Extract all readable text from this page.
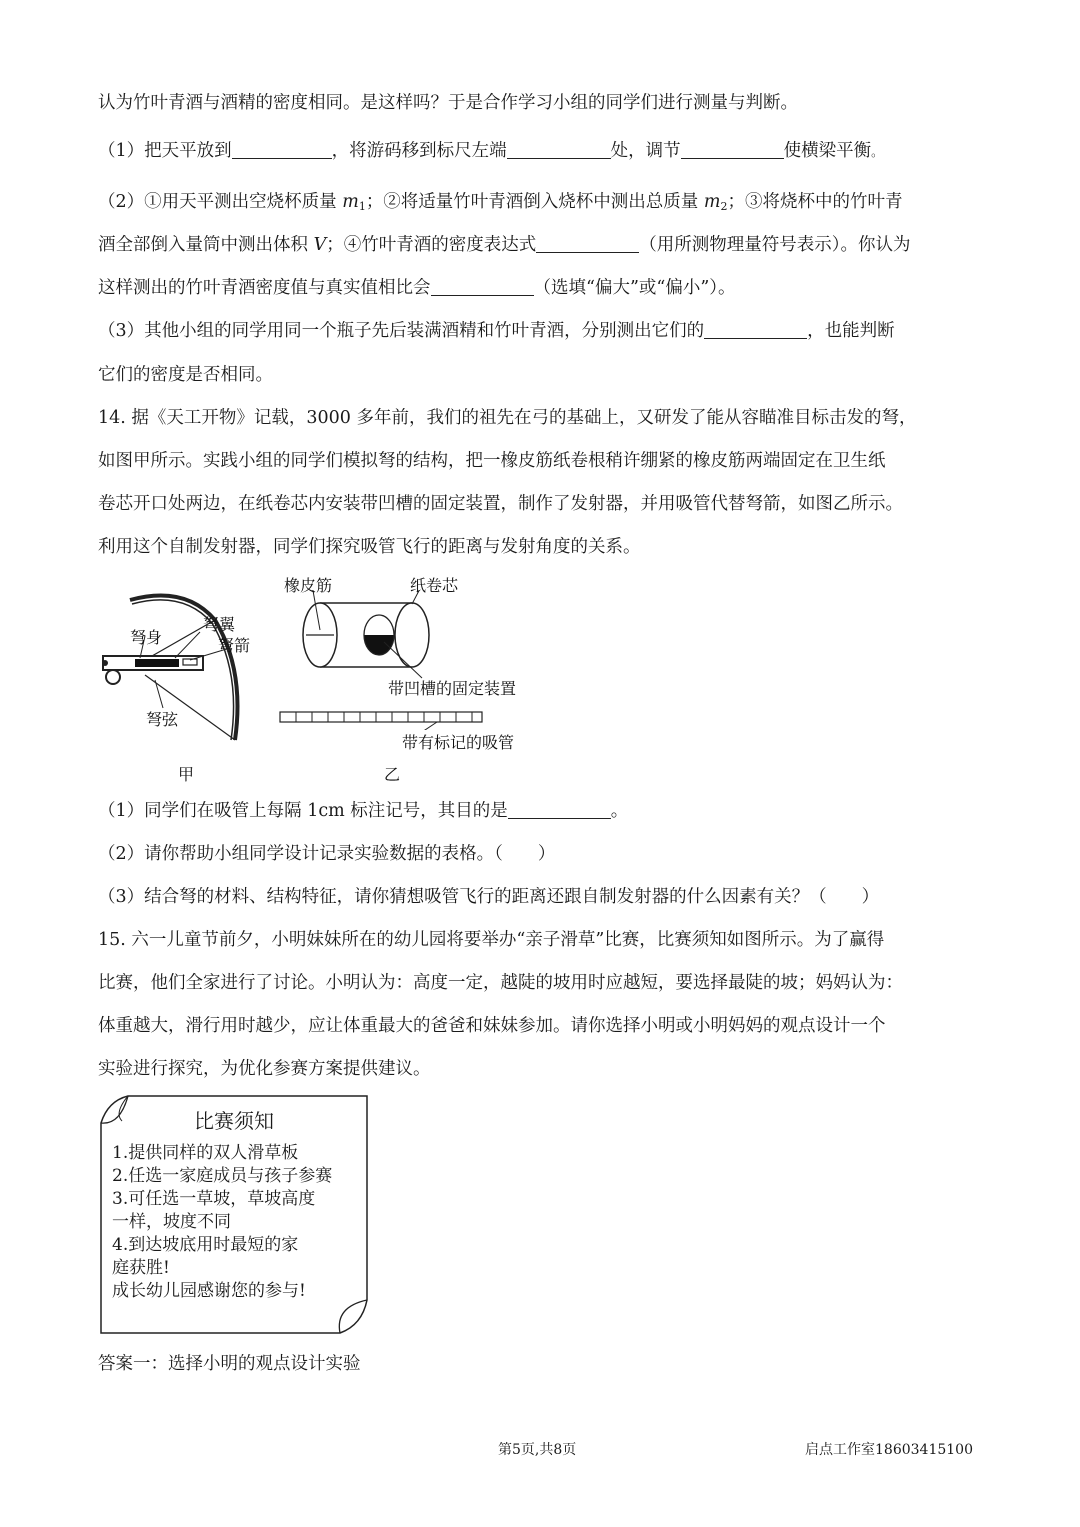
认为竹叶青酒与酒精的密度相同。是这样吗？于是合作学习小组的同学们进行测量与判断。
（1）把天平放到	，将游码移到标尺左端	处，调节	使横梁平衡。
（2）①用天平测出空烧杯质量 $m_1$；②将适量竹叶青酒倒入烧杯中测出总质量 $m_2$；③将烧杯中的竹叶青
酒全部倒入量筒中测出体积 V；④竹叶青酒的密度表达式	（用所测物理量符号表示）。你认为
这样测出的竹叶青酒密度值与真实值相比会	（选填“偏大”或“偏小”）。
（3）其他小组的同学用同一个瓶子先后装满酒精和竹叶青酒，分别测出它们的	，也能判断
它们的密度是否相同。
14. 据《天工开物》记载，3000 多年前，我们的祖先在弓的基础上，又研发了能从容瞄准目标击发的弩，
如图甲所示。实践小组的同学们模拟弩的结构，把一橡皮筋纸卷根稍许绷紧的橡皮筋两端固定在卫生纸
卷芯开口处两边，在纸卷芯内安装带凹槽的固定装置，制作了发射器，并用吸管代替弩箭，如图乙所示。
利用这个自制发射器，同学们探究吸管飞行的距离与发射角度的关系。
弩翼
弩身	弩箭
弩弦
甲
橡皮筋	纸卷芯
带凹槽的固定装置
带有标记的吸管
乙
（1）同学们在吸管上每隔 1cm 标注记号，其目的是	。
（2）请你帮助小组同学设计记录实验数据的表格。（　　）
（3）结合弩的材料、结构特征，请你猜想吸管飞行的距离还跟自制发射器的什么因素有关？（　　）
15. 六一儿童节前夕，小明妹妹所在的幼儿园将要举办“亲子滑草”比赛，比赛须知如图所示。为了赢得
比赛，他们全家进行了讨论。小明认为：高度一定，越陡的坡用时应越短，要选择最陡的坡；妈妈认为：
体重越大，滑行用时越少，应让体重最大的爸爸和妹妹参加。请你选择小明或小明妈妈的观点设计一个
实验进行探究，为优化参赛方案提供建议。
比赛须知
1.提供同样的双人滑草板
2.任选一家庭成员与孩子参赛
3.可任选一草坡，草坡高度
一样，坡度不同
4.到达坡底用时最短的家
庭获胜!
成长幼儿园感谢您的参与!
答案一：选择小明的观点设计实验
第5页,共8页	启点工作室18603415100
